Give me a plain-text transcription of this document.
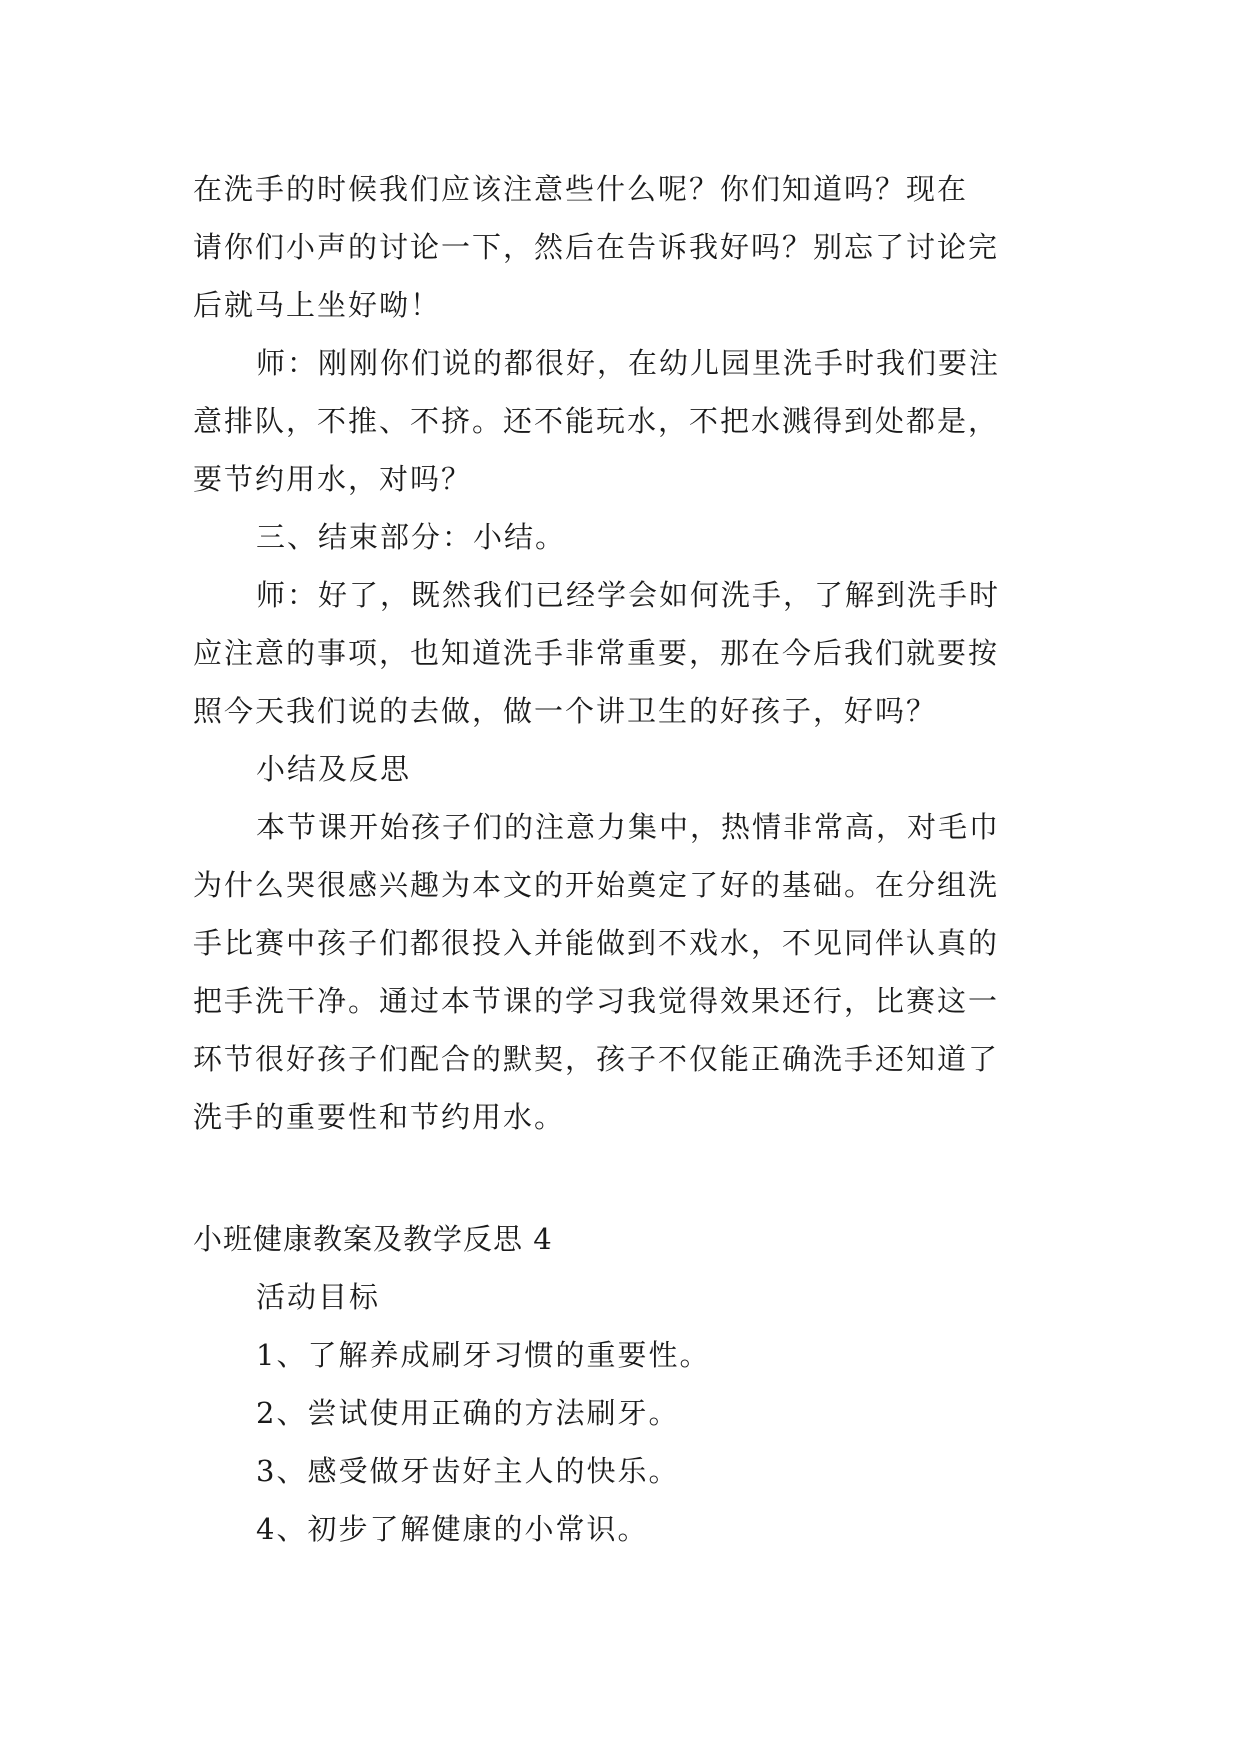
在洗手的时候我们应该注意些什么呢？你们知道吗？现在
请你们小声的讨论一下，然后在告诉我好吗？别忘了讨论完
后就马上坐好呦！
师：刚刚你们说的都很好，在幼儿园里洗手时我们要注
意排队，不推、不挤。还不能玩水，不把水溅得到处都是，
要节约用水，对吗？
三、结束部分：小结。
师：好了，既然我们已经学会如何洗手，了解到洗手时
应注意的事项，也知道洗手非常重要，那在今后我们就要按
照今天我们说的去做，做一个讲卫生的好孩子，好吗？
小结及反思
本节课开始孩子们的注意力集中，热情非常高，对毛巾
为什么哭很感兴趣为本文的开始奠定了好的基础。在分组洗
手比赛中孩子们都很投入并能做到不戏水，不见同伴认真的
把手洗干净。通过本节课的学习我觉得效果还行，比赛这一
环节很好孩子们配合的默契，孩子不仅能正确洗手还知道了
洗手的重要性和节约用水。
小班健康教案及教学反思 4
活动目标
1、了解养成刷牙习惯的重要性。
2、尝试使用正确的方法刷牙。
3、感受做牙齿好主人的快乐。
4、初步了解健康的小常识。
